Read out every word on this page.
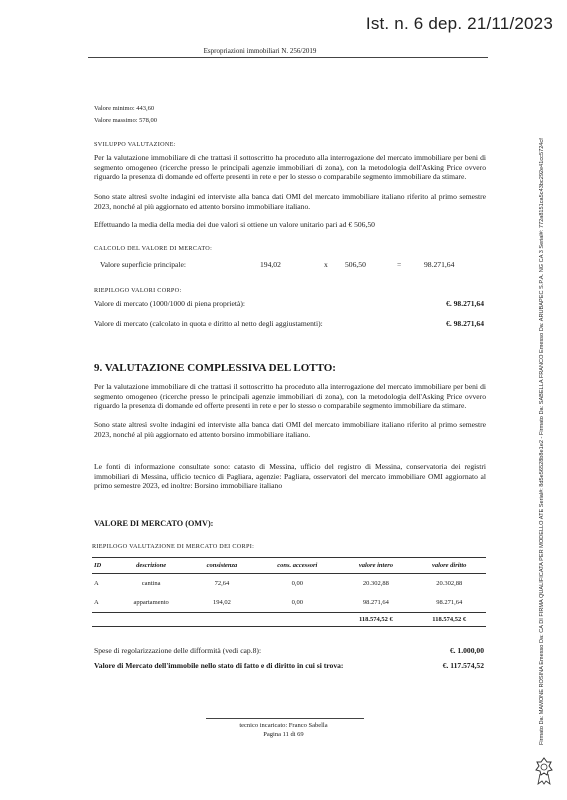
Ist. n. 6 dep. 21/11/2023
Espropriazioni immobiliari N. 256/2019
Firmato Da: MAMONE ROSINA Emesso Da: CA DI FIRMA QUALIFICATA PER MODELLO ATE Serial#: 8d5e56528b8e1e2 - Firmato Da: SABELLA FRANCO Emesso Da: ARUBAPEC S.P.A. NG CA 3 Serial#: 772a8151ca5c43bc292e41cc5724cf
Valore minimo: 443,60
Valore massimo: 578,00
SVILUPPO VALUTAZIONE:
Per la valutazione immobiliare di che trattasi il sottoscritto ha proceduto alla interrogazione del mercato immobiliare per beni di segmento omogeneo (ricerche presso le principali agenzie immobiliari di zona), con la metodologia dell'Asking Price ovvero riguardo la presenza di domande ed offerte presenti in rete e per lo stesso o comparabile segmento immobiliare da stimare.
Sono state altresì svolte indagini ed interviste alla banca dati OMI del mercato immobiliare italiano riferito al primo semestre 2023, nonché al più aggiornato ed attento borsino immobiliare italiano.
Effettuando la media della media dei due valori si ottiene un valore unitario pari ad € 506,50
CALCOLO DEL VALORE DI MERCATO:
Valore superficie principale:	194,02	x 506,50	=	98.271,64
RIEPILOGO VALORI CORPO:
Valore di mercato (1000/1000 di piena proprietà):	€. 98.271,64
Valore di mercato (calcolato in quota e diritto al netto degli aggiustamenti):	€. 98.271,64
9. VALUTAZIONE COMPLESSIVA DEL LOTTO:
Per la valutazione immobiliare di che trattasi il sottoscritto ha proceduto alla interrogazione del mercato immobiliare per beni di segmento omogeneo (ricerche presso le principali agenzie immobiliari di zona), con la metodologia dell'Asking Price ovvero riguardo la presenza di domande ed offerte presenti in rete e per lo stesso o comparabile segmento immobiliare da stimare.
Sono state altresì svolte indagini ed interviste alla banca dati OMI del mercato immobiliare italiano riferito al primo semestre 2023, nonché al più aggiornato ed attento borsino immobiliare italiano.
Le fonti di informazione consultate sono: catasto di Messina, ufficio del registro di Messina, conservatoria dei registri immobiliari di Messina, ufficio tecnico di Pagliara, agenzie: Pagliara, osservatori del mercato immobiliare OMI aggiornato al primo semestre 2023, ed inoltre: Borsino immobiliare italiano
VALORE DI MERCATO (OMV):
RIEPILOGO VALUTAZIONE DI MERCATO DEI CORPI:
ID	descrizione	consistenza	cons. accessori	valore intero	valore diritto
A	cantina	72,64	0,00	20.302,88	20.302,88
A	appartamento	194,02	0,00	98.271,64	98.271,64
				118.574,52 €	118.574,52 €
Spese di regolarizzazione delle difformità (vedi cap.8):	€. 1.000,00
Valore di Mercato dell'immobile nello stato di fatto e di diritto in cui si trova:	€. 117.574,52
tecnico incaricato: Franco Sabella
Pagina 11 di 69
